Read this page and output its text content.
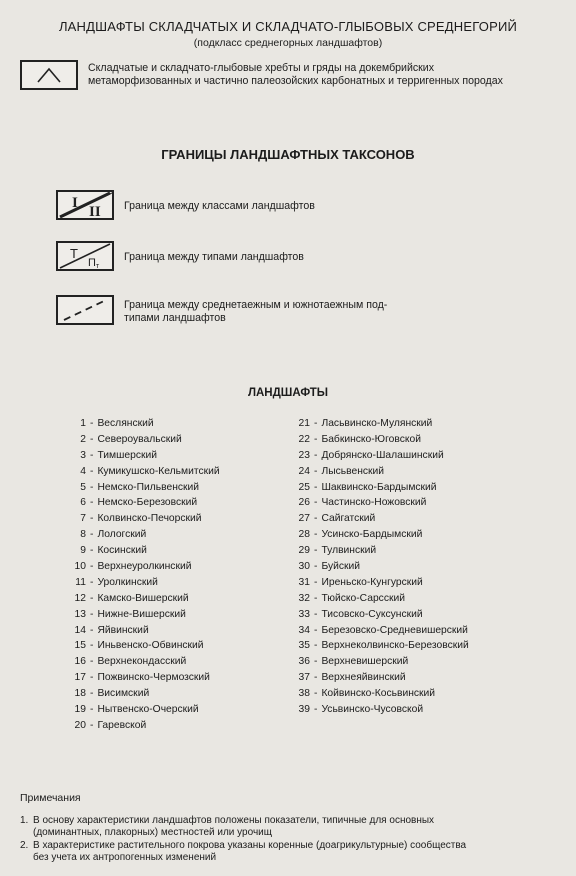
ЛАНДШАФТЫ СКЛАДЧАТЫХ И СКЛАДЧАТО-ГЛЫБОВЫХ СРЕДНЕГОРИЙ
(подкласс среднегорных ландшафтов)
Складчатые и складчато-глыбовые хребты и гряды на докембрийских
метаморфизованных и частично палеозойских карбонатных и терригенных породах
ГРАНИЦЫ ЛАНДШАФТНЫХ ТАКСОНОВ
I
II Граница между классами ландшафтов
Т
П т
Граница между типами ландшафтов
Граница между среднетаежным и южнотаежным под-
типами ландшафтов
ЛАНДШАФТЫ
1 - Веслянский
2 - Североувальский
3 - Тимшерский
4 - Кумикушско-Кельмитский
5 - Немско-Пильвенский
6 - Немско-Березовский
7 - Колвинско-Печорский
8 - Лологский
9 - Косинский
10 - Верхнеуролкинский
11 - Уролкинский
12 - Камско-Вишерский
13 - Нижне-Вишерский
14 - Яйвинский
15 - Иньвенско-Обвинский
16 - Верхнекондасский
17 - Пожвинско-Чермозский
18 - Висимский
19 - Нытвенско-Очерский
20 - Гаревской
21 - Ласьвинско-Мулянский
22 - Бабкинско-Юговской
23 - Добрянско-Шалашинский
24 - Лысьвенский
25 - Шаквинско-Бардымский
26 - Частинско-Ножовский
27 - Сайгатский
28 - Усинско-Бардымский
29 - Тулвинский
30 - Буйский
31 - Иреньско-Кунгурский
32 - Тюйско-Сарсский
33 - Тисовско-Суксунский
34 - Березовско-Средневишерский
35 - Верхнеколвинско-Березовский
36 - Верхневишерский
37 - Верхнеяйвинский
38 - Койвинско-Косьвинский
39 - Усьвинско-Чусовской
Примечания
1. В основу характеристики ландшафтов положены показатели, типичные для основных
(доминантных, плакорных) местностей или урочищ
2. В характеристике растительного покрова указаны коренные (доагрикультурные) сообщества
без учета их антропогенных изменений
